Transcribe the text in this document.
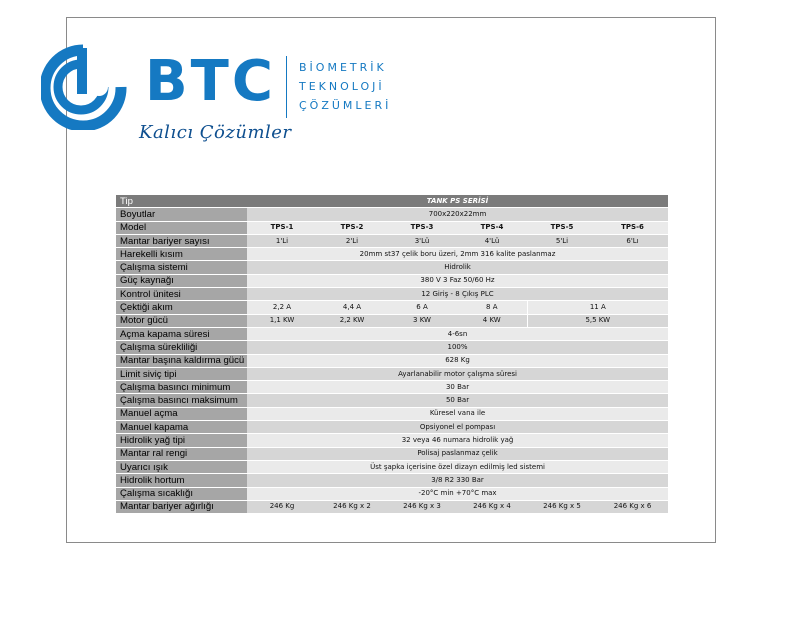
BTC BİOMETRİK
TEKNOLOJİ
ÇÖZÜMLERİ
Kalıcı Çözümler
Tip	TANK PS SERİSİ					
Boyutlar	700x220x22mm					
Model	TPS-1	TPS-2	TPS-3	TPS-4	TPS-5	TPS-6
Mantar bariyer sayısı	1'Li	2'Li	3'Lü	4'Lü	5'Li	6'Lı
Harekelli kısım	20mm st37 çelik boru üzeri, 2mm 316 kalite paslanmaz					
Çalışma sistemi	Hidrolik					
Güç kaynağı	380 V 3 Faz 50/60 Hz					
Kontrol ünitesi	12 Giriş - 8 Çıkış PLC					
Çektiği akım	2,2 A	4,4 A	6 A	8 A	11 A	
Motor gücü	1,1 KW	2,2 KW	3 KW	4 KW	5,5 KW	
Açma kapama süresi	4-6sn					
Çalışma sürekliliği	100%					
Mantar başına kaldırma gücü	628 Kg					
Limit siviç tipi	Ayarlanabilir motor çalışma süresi					
Çalışma basıncı minimum	30 Bar					
Çalışma basıncı maksimum	50 Bar					
Manuel açma	Küresel vana ile					
Manuel kapama	Opsiyonel el pompası					
Hidrolik yağ tipi	32 veya 46 numara hidrolik yağ					
Mantar ral rengi	Polisaj paslanmaz çelik					
Uyarıcı ışık	Üst şapka içerisine özel dizayn edilmiş led sistemi					
Hidrolik hortum	3/8 R2 330 Bar					
Çalışma sıcaklığı	-20°C min +70°C max					
Mantar bariyer ağırlığı	246 Kg	246 Kg x 2	246 Kg x 3	246 Kg x 4	246 Kg x 5	246 Kg x 6
